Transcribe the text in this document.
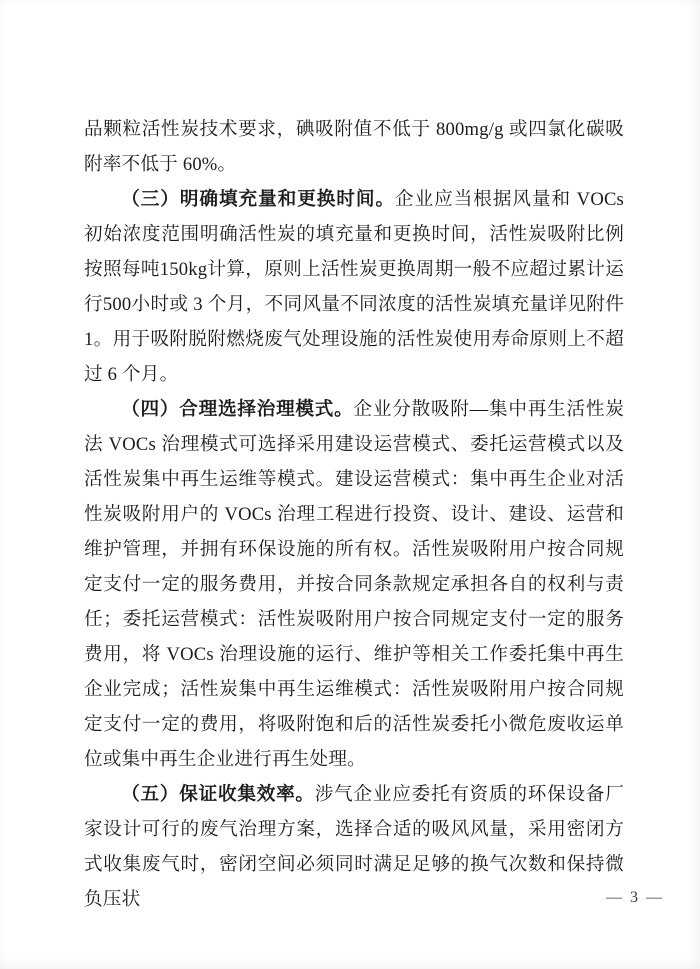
品颗粒活性炭技术要求，碘吸附值不低于 800mg/g 或四氯化碳吸附率不低于 60%。

（三）明确填充量和更换时间。企业应当根据风量和 VOCs 初始浓度范围明确活性炭的填充量和更换时间，活性炭吸附比例按照每吨150kg计算，原则上活性炭更换周期一般不应超过累计运行500小时或 3 个月，不同风量不同浓度的活性炭填充量详见附件 1。用于吸附脱附燃烧废气处理设施的活性炭使用寿命原则上不超过 6 个月。

（四）合理选择治理模式。企业分散吸附—集中再生活性炭法 VOCs 治理模式可选择采用建设运营模式、委托运营模式以及活性炭集中再生运维等模式。建设运营模式：集中再生企业对活性炭吸附用户的 VOCs 治理工程进行投资、设计、建设、运营和维护管理，并拥有环保设施的所有权。活性炭吸附用户按合同规定支付一定的服务费用，并按合同条款规定承担各自的权利与责任；委托运营模式：活性炭吸附用户按合同规定支付一定的服务费用，将 VOCs 治理设施的运行、维护等相关工作委托集中再生企业完成；活性炭集中再生运维模式：活性炭吸附用户按合同规定支付一定的费用，将吸附饱和后的活性炭委托小微危废收运单位或集中再生企业进行再生处理。

（五）保证收集效率。涉气企业应委托有资质的环保设备厂家设计可行的废气治理方案，选择合适的吸风风量，采用密闭方式收集废气时，密闭空间必须同时满足足够的换气次数和保持微负压状	— 3 —
